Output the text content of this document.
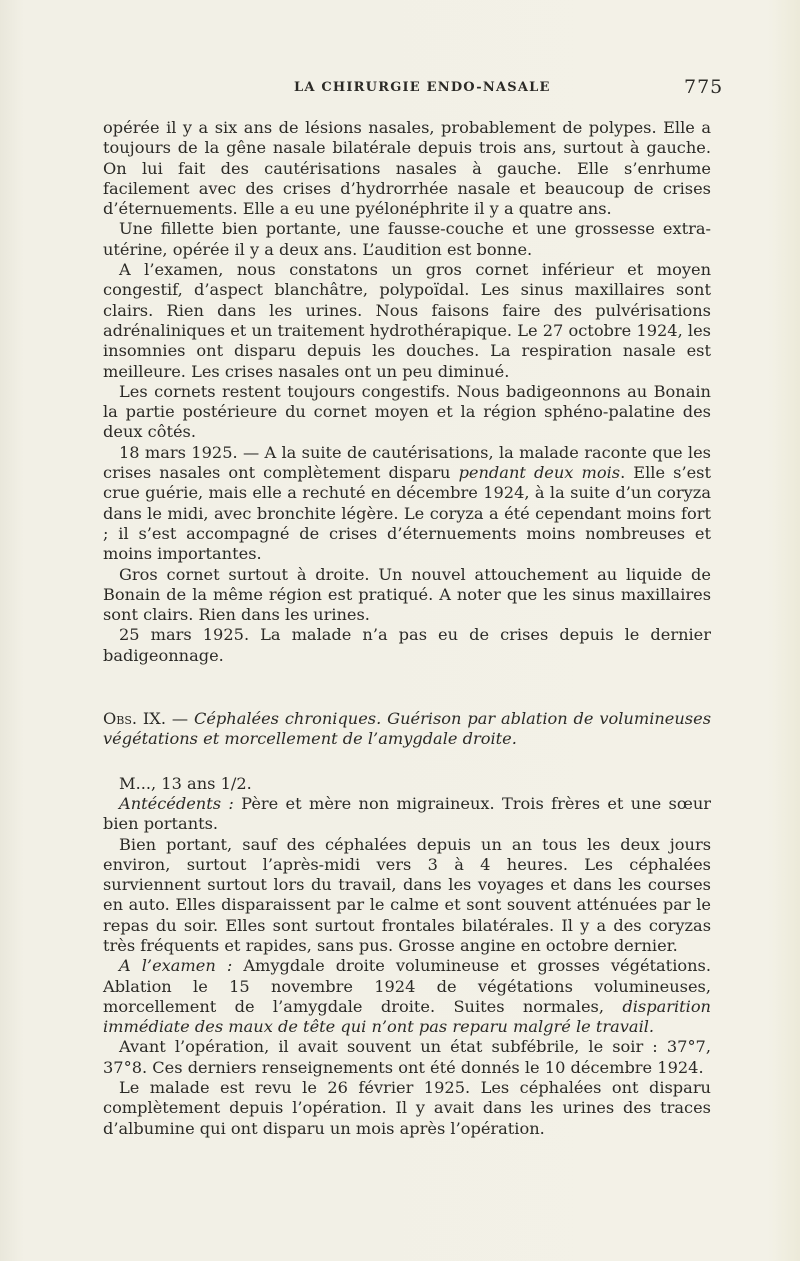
LA CHIRURGIE ENDO-NASALE	775

opérée il y a six ans de lésions nasales, probablement de polypes. Elle a toujours de la gêne nasale bilatérale depuis trois ans, surtout à gauche. On lui fait des cautérisations nasales à gauche. Elle s’enrhume facilement avec des crises d’hydrorrhée nasale et beaucoup de crises d’éternuements. Elle a eu une pyélonéphrite il y a quatre ans.

Une fillette bien portante, une fausse-couche et une grossesse extra-utérine, opérée il y a deux ans. L’audition est bonne.

A l’examen, nous constatons un gros cornet inférieur et moyen congestif, d’aspect blanchâtre, polypoïdal. Les sinus maxillaires sont clairs. Rien dans les urines. Nous faisons faire des pulvérisations adrénaliniques et un traitement hydrothérapique. Le 27 octobre 1924, les insomnies ont disparu depuis les douches. La respiration nasale est meilleure. Les crises nasales ont un peu diminué.

Les cornets restent toujours congestifs. Nous badigeonnons au Bonain la partie postérieure du cornet moyen et la région sphéno-palatine des deux côtés.

18 mars 1925. — A la suite de cautérisations, la malade raconte que les crises nasales ont complètement disparu pendant deux mois. Elle s’est crue guérie, mais elle a rechuté en décembre 1924, à la suite d’un coryza dans le midi, avec bronchite légère. Le coryza a été cependant moins fort ; il s’est accompagné de crises d’éternuements moins nombreuses et moins importantes.

Gros cornet surtout à droite. Un nouvel attouchement au liquide de Bonain de la même région est pratiqué. A noter que les sinus maxillaires sont clairs. Rien dans les urines.

25 mars 1925. La malade n’a pas eu de crises depuis le dernier badigeonnage.

Obs. IX. — Céphalées chroniques. Guérison par ablation de volumineuses végétations et morcellement de l’amygdale droite.

M..., 13 ans 1/2.

Antécédents : Père et mère non migraineux. Trois frères et une sœur bien portants.

Bien portant, sauf des céphalées depuis un an tous les deux jours environ, surtout l’après-midi vers 3 à 4 heures. Les céphalées surviennent surtout lors du travail, dans les voyages et dans les courses en auto. Elles disparaissent par le calme et sont souvent atténuées par le repas du soir. Elles sont surtout frontales bilatérales. Il y a des coryzas très fréquents et rapides, sans pus. Grosse angine en octobre dernier.

A l’examen : Amygdale droite volumineuse et grosses végétations. Ablation le 15 novembre 1924 de végétations volumineuses, morcellement de l’amygdale droite. Suites normales, disparition immédiate des maux de tête qui n’ont pas reparu malgré le travail.

Avant l’opération, il avait souvent un état subfébrile, le soir : 37°7, 37°8. Ces derniers renseignements ont été donnés le 10 décembre 1924.

Le malade est revu le 26 février 1925. Les céphalées ont disparu complètement depuis l’opération. Il y avait dans les urines des traces d’albumine qui ont disparu un mois après l’opération.
